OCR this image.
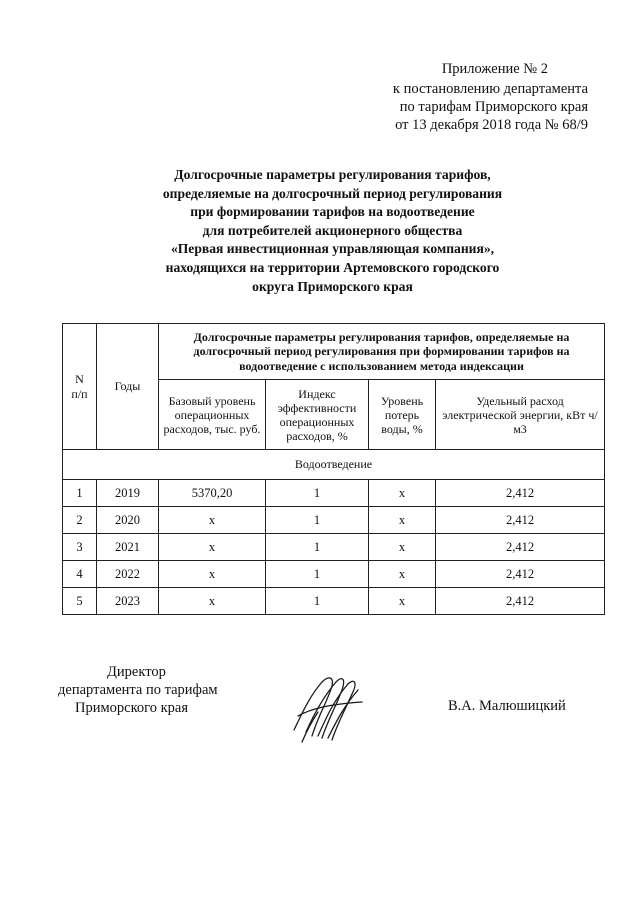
Приложение № 2
к постановлению департамента
по тарифам Приморского края
от 13 декабря 2018 года № 68/9
Долгосрочные параметры регулирования тарифов,
определяемые на долгосрочный период регулирования
при формировании тарифов на водоотведение
для потребителей акционерного общества
«Первая инвестиционная управляющая компания»,
находящихся на территории Артемовского городского
округа Приморского края
N
п/п	Годы	Долгосрочные параметры регулирования тарифов, определяемые на долгосрочный период регулирования при формировании тарифов на водоотведение с использованием метода индексации			
		Базовый уровень операционных расходов, тыс. руб.	Индекс эффективности операционных расходов, %	Уровень потерь воды, %	Удельный расход электрической энергии, кВт ч/м3
Водоотведение					
1	2019	5370,20	1	х	2,412
2	2020	х	1	х	2,412
3	2021	х	1	х	2,412
4	2022	х	1	х	2,412
5	2023	х	1	х	2,412
Директор
департамента по тарифам
Приморского края	В.А. Малюшицкий
